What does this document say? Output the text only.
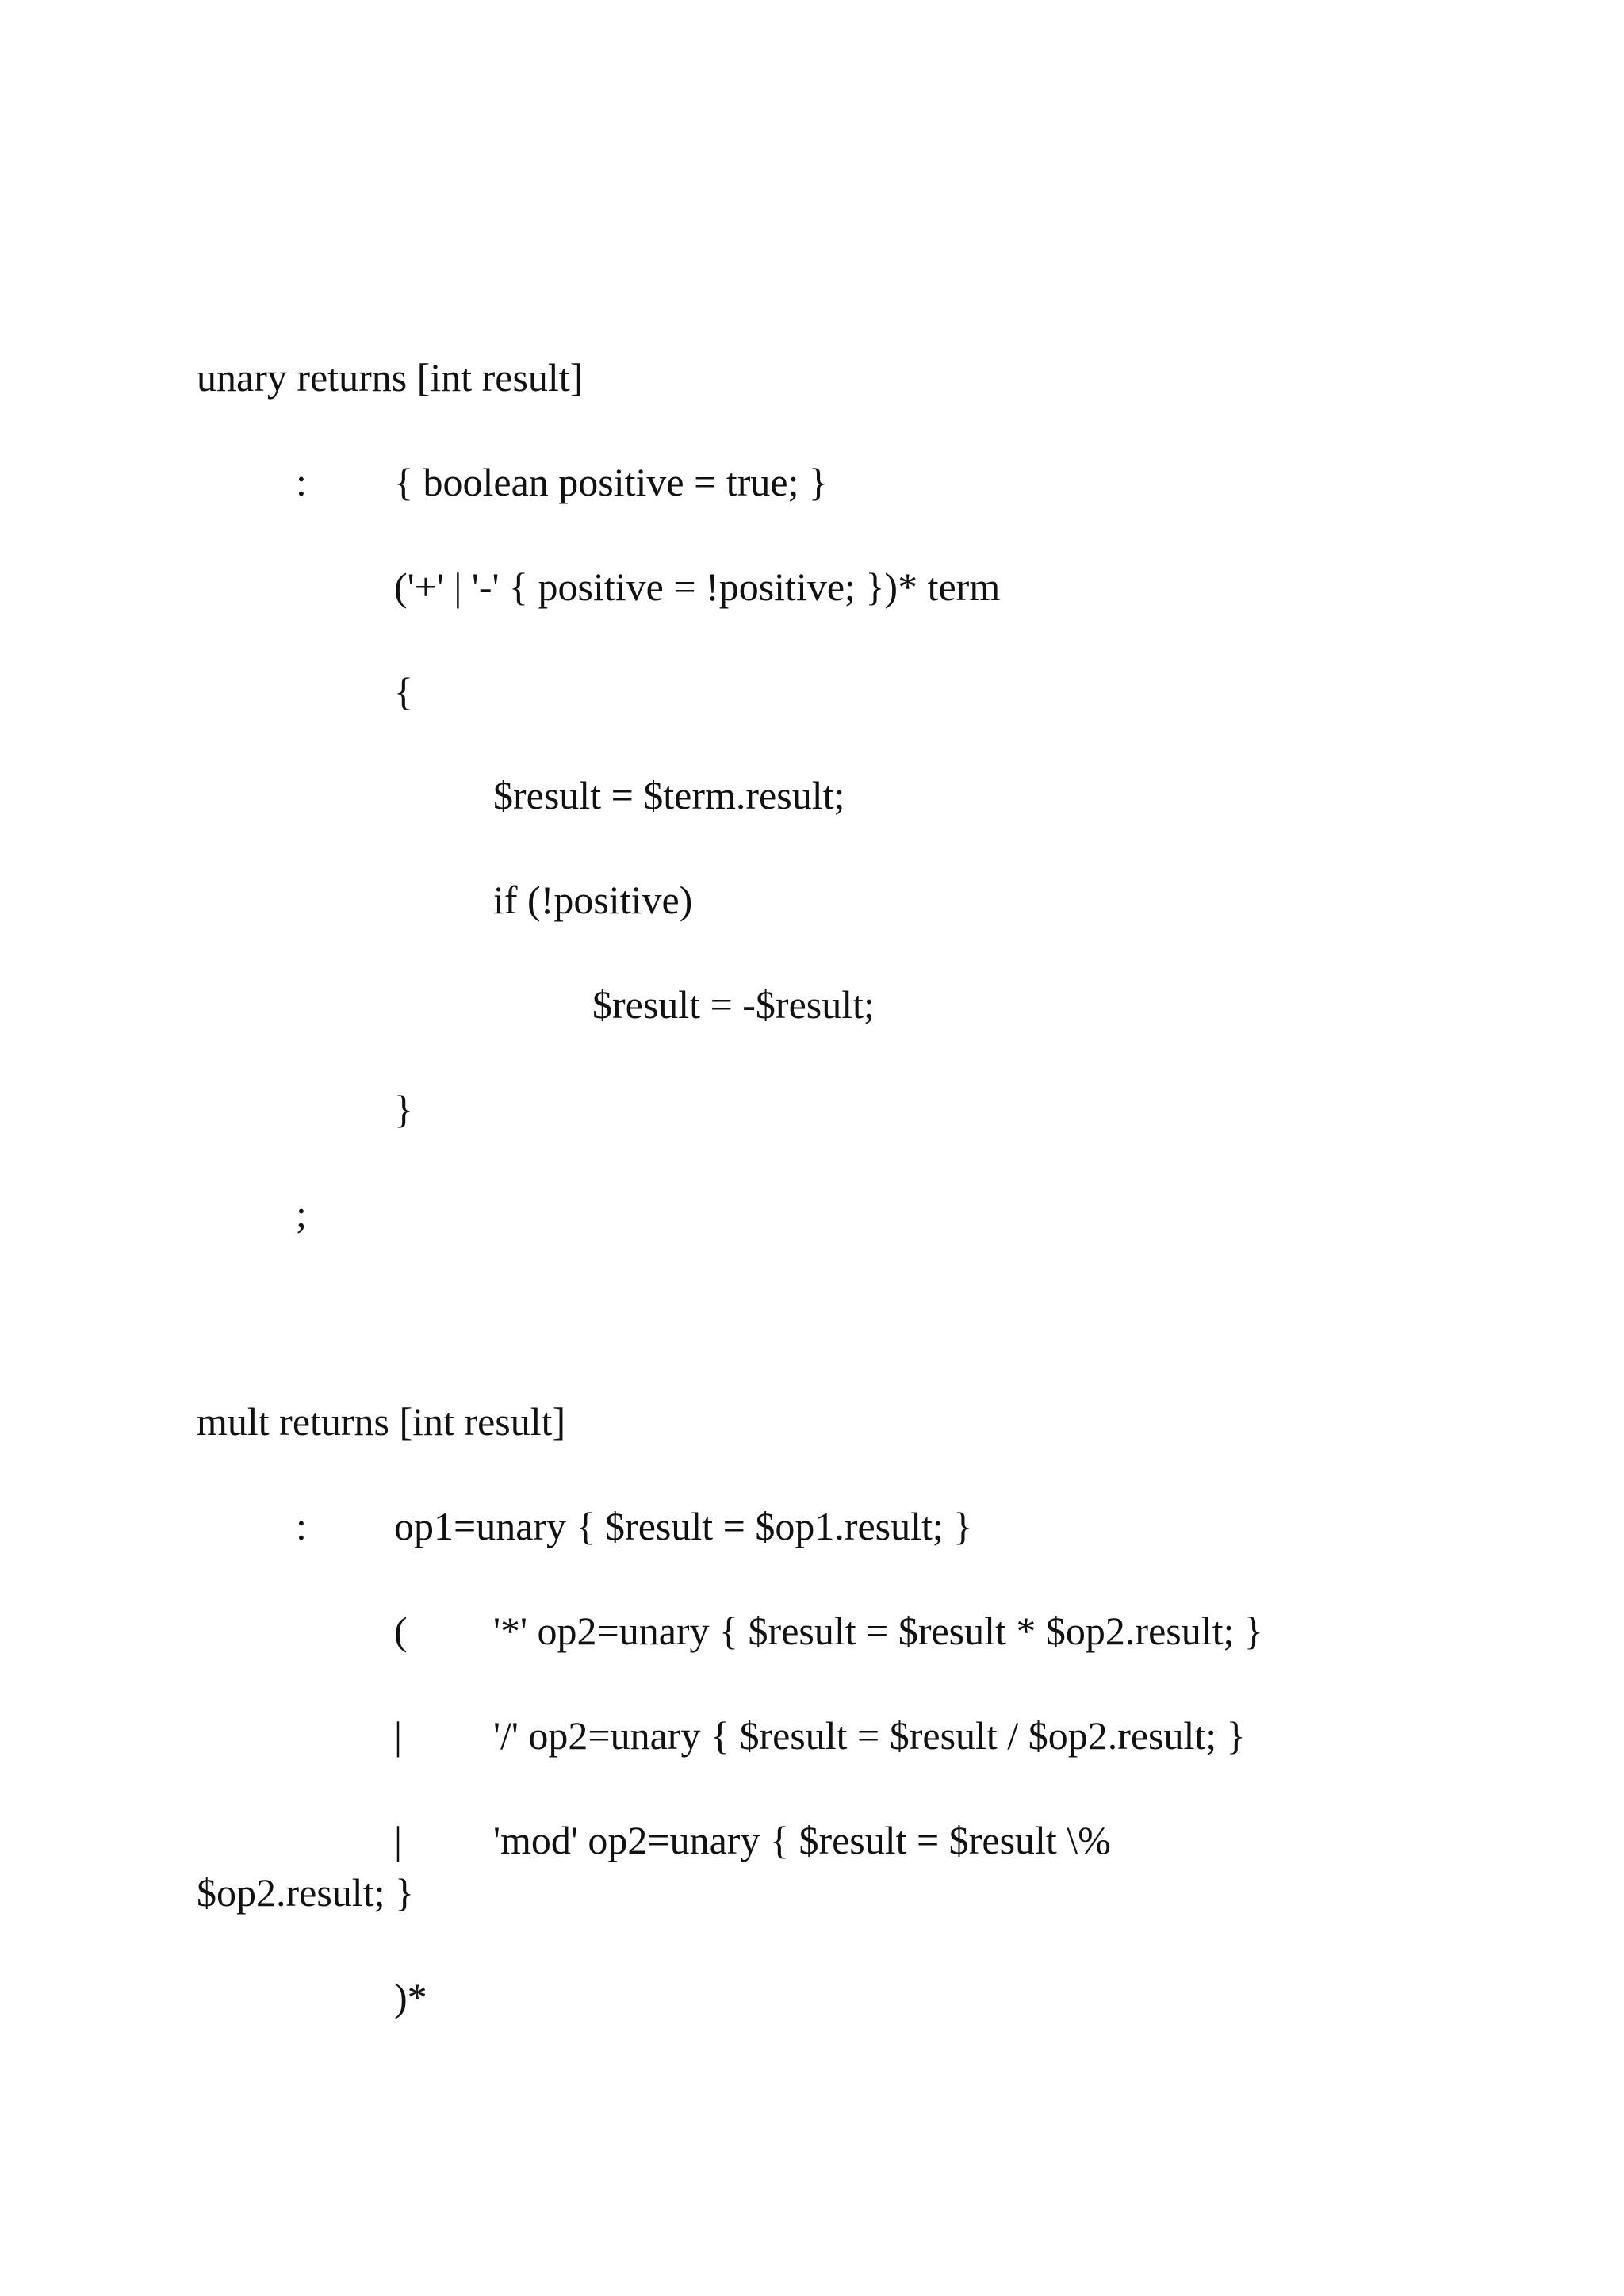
unary returns [int result]
: { boolean positive = true; }
('+' | '-' { positive = !positive; })* term
{
$result = $term.result;
if (!positive)
$result = -$result;
}
;
mult returns [int result]
: op1=unary { $result = $op1.result; }
( '*' op2=unary { $result = $result * $op2.result; }
| '/' op2=unary { $result = $result / $op2.result; }
| 'mod' op2=unary { $result = $result \%
$op2.result; }
)*
